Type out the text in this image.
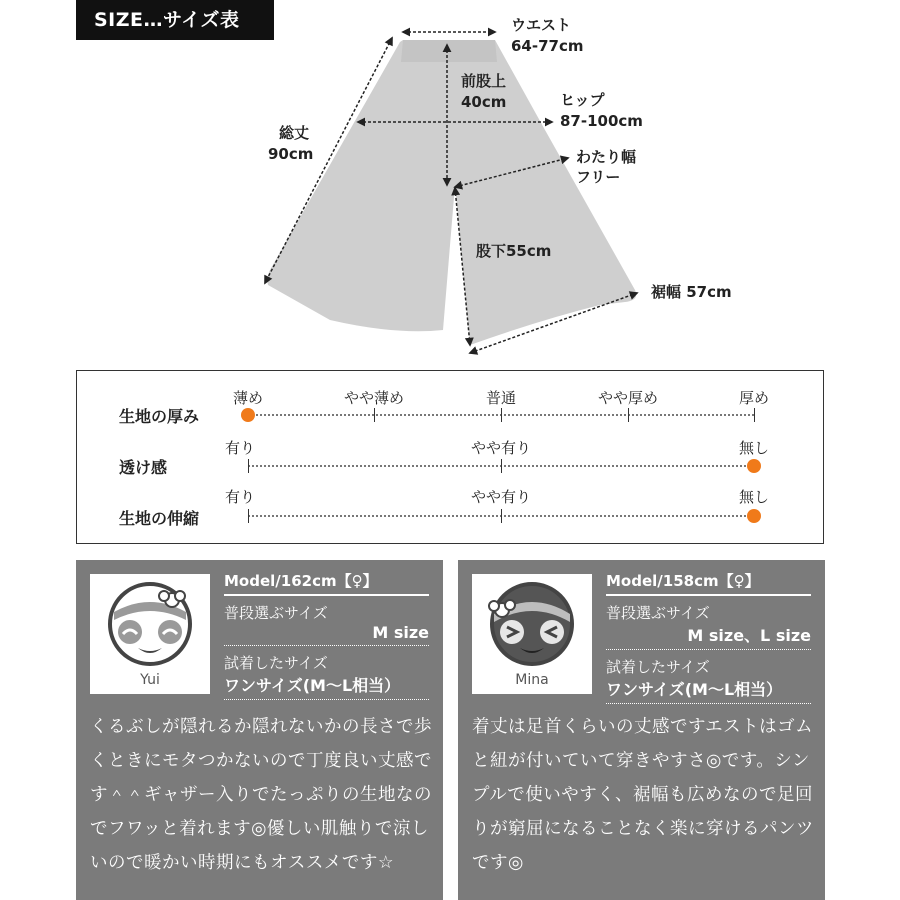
SIZE…サイズ表	ウエスト
64-77cm
前股上
40cm	ヒップ
87-100cm
総丈
90cm	わたり幅
フリー
股下55cm
裾幅 57cm
生地の厚み
薄め	やや薄め	普通	やや厚め	厚め
透け感
有り	やや有り	無し
生地の伸縮
有り	やや有り	無し
Yui
Model/162cm【♀】
普段選ぶサイズ
M size
試着したサイズ
ワンサイズ(M〜L相当）
くるぶしが隠れるか隠れないかの長さで歩くときにモタつかないので丁度良い丈感です＾＾ギャザー入りでたっぷりの生地なのでフワッと着れます◎優しい肌触りで涼しいので暖かい時期にもオススメです☆
Mina
Model/158cm【♀】
普段選ぶサイズ
M size、L size
試着したサイズ
ワンサイズ(M〜L相当）
着丈は足首くらいの丈感ですエストはゴムと紐が付いていて穿きやすさ◎です。シンプルで使いやすく、裾幅も広めなので足回りが窮屈になることなく楽に穿けるパンツです◎
